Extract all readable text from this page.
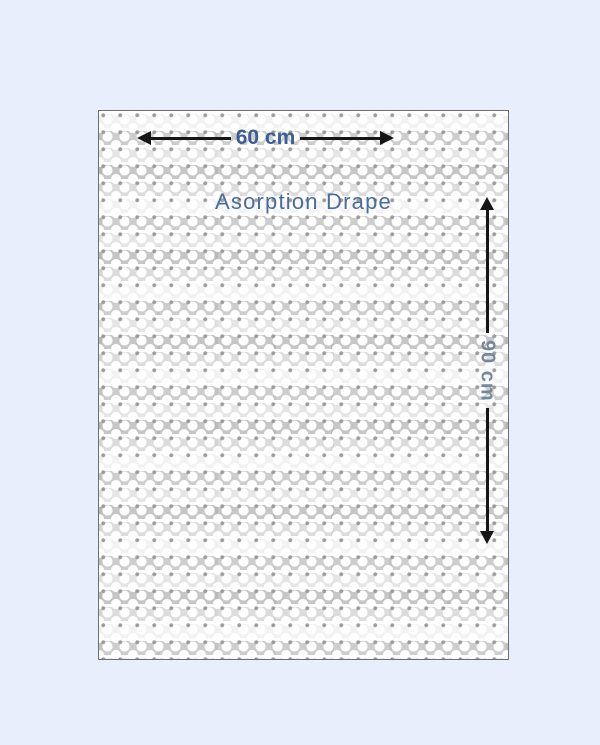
60 cm
Asorption Drape
90 cm
